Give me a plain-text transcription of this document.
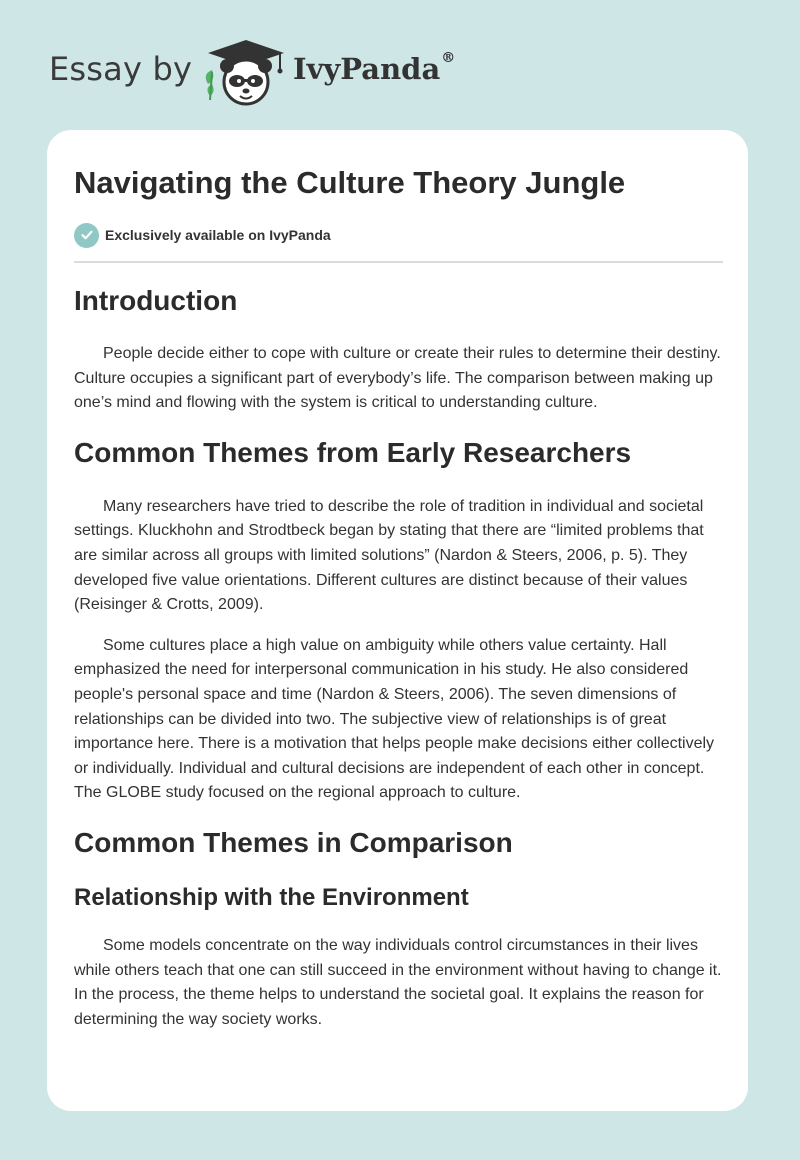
Essay by	IvyPanda®
Navigating the Culture Theory Jungle
Exclusively available on IvyPanda
Introduction

People decide either to cope with culture or create their rules to determine their destiny. Culture occupies a significant part of everybody’s life. The comparison between making up one’s mind and flowing with the system is critical to understanding culture.

Common Themes from Early Researchers

Many researchers have tried to describe the role of tradition in individual and societal settings. Kluckhohn and Strodtbeck began by stating that there are “limited problems that are similar across all groups with limited solutions” (Nardon & Steers, 2006, p. 5). They developed five value orientations. Different cultures are distinct because of their values (Reisinger & Crotts, 2009).

Some cultures place a high value on ambiguity while others value certainty. Hall emphasized the need for interpersonal communication in his study. He also considered people's personal space and time (Nardon & Steers, 2006). The seven dimensions of relationships can be divided into two. The subjective view of relationships is of great importance here. There is a motivation that helps people make decisions either collectively or individually. Individual and cultural decisions are independent of each other in concept. The GLOBE study focused on the regional approach to culture.

Common Themes in Comparison
Relationship with the Environment

Some models concentrate on the way individuals control circumstances in their lives while others teach that one can still succeed in the environment without having to change it. In the process, the theme helps to understand the societal goal. It explains the reason for determining the way society works.
